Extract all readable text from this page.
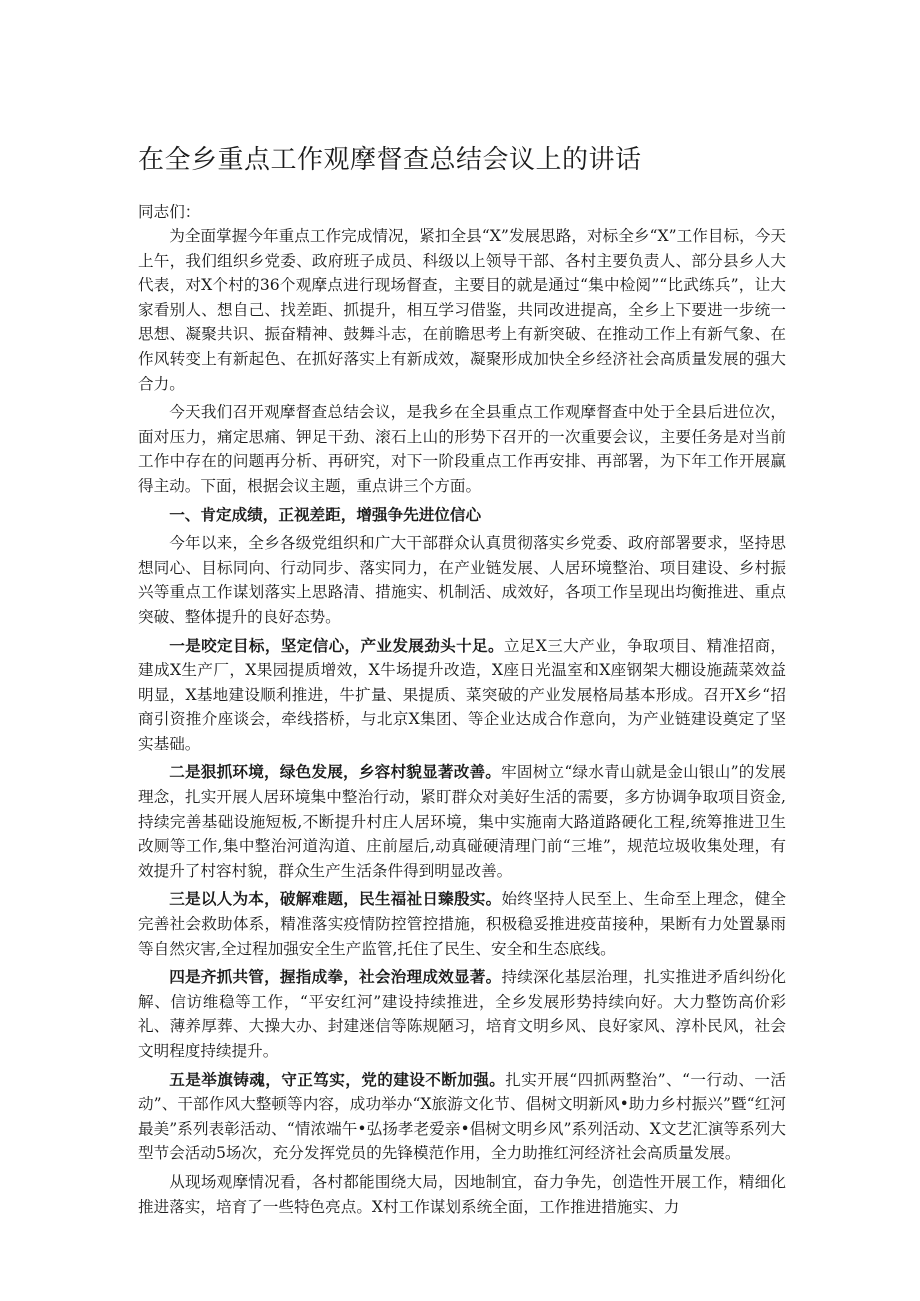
在全乡重点工作观摩督查总结会议上的讲话

同志们：

为全面掌握今年重点工作完成情况，紧扣全县“X”发展思路，对标全乡“X”工作目标，今天上午，我们组织乡党委、政府班子成员、科级以上领导干部、各村主要负责人、部分县乡人大代表，对X个村的36个观摩点进行现场督查，主要目的就是通过“集中检阅”“比武练兵”，让大家看别人、想自己、找差距、抓提升，相互学习借鉴，共同改进提高，全乡上下要进一步统一思想、凝聚共识、振奋精神、鼓舞斗志，在前瞻思考上有新突破、在推动工作上有新气象、在作风转变上有新起色、在抓好落实上有新成效，凝聚形成加快全乡经济社会高质量发展的强大合力。

今天我们召开观摩督查总结会议，是我乡在全县重点工作观摩督查中处于全县后进位次，面对压力，痛定思痛、钾足干劲、滚石上山的形势下召开的一次重要会议，主要任务是对当前工作中存在的问题再分析、再研究，对下一阶段重点工作再安排、再部署，为下年工作开展赢得主动。下面，根据会议主题，重点讲三个方面。

一、肯定成绩，正视差距，增强争先进位信心

今年以来，全乡各级党组织和广大干部群众认真贯彻落实乡党委、政府部署要求，坚持思想同心、目标同向、行动同步、落实同力，在产业链发展、人居环境整治、项目建设、乡村振兴等重点工作谋划落实上思路清、措施实、机制活、成效好，各项工作呈现出均衡推进、重点突破、整体提升的良好态势。

一是咬定目标，坚定信心，产业发展劲头十足。立足X三大产业，争取项目、精准招商，建成X生产厂，X果园提质增效，X牛场提升改造，X座日光温室和X座钢架大棚设施蔬菜效益明显，X基地建设顺利推进，牛扩量、果提质、菜突破的产业发展格局基本形成。召开X乡“招商引资推介座谈会，牵线搭桥，与北京X集团、等企业达成合作意向，为产业链建设奠定了坚实基础。

二是狠抓环境，绿色发展，乡容村貌显著改善。牢固树立“绿水青山就是金山银山”的发展理念，扎实开展人居环境集中整治行动，紧盯群众对美好生活的需要，多方协调争取项目资金,持续完善基础设施短板,不断提升村庄人居环境，集中实施南大路道路硬化工程,统筹推进卫生改厕等工作,集中整治河道沟道、庄前屋后,动真碰硬清理门前“三堆”，规范垃圾收集处理，有效提升了村容村貌，群众生产生活条件得到明显改善。

三是以人为本，破解难题，民生福祉日臻殷实。始终坚持人民至上、生命至上理念，健全完善社会救助体系，精准落实疫情防控管控措施，积极稳妥推进疫苗接种，果断有力处置暴雨等自然灾害,全过程加强安全生产监管,托住了民生、安全和生态底线。

四是齐抓共管，握指成拳，社会治理成效显著。持续深化基层治理，扎实推进矛盾纠纷化解、信访维稳等工作，“平安红河”建设持续推进，全乡发展形势持续向好。大力整饬高价彩礼、薄养厚葬、大操大办、封建迷信等陈规陋习，培育文明乡风、良好家风、淳朴民风，社会文明程度持续提升。

五是举旗铸魂，守正笃实，党的建设不断加强。扎实开展“四抓两整治”、“一行动、一活动”、干部作风大整顿等内容，成功举办“X旅游文化节、倡树文明新风•助力乡村振兴”暨“红河最美”系列表彰活动、“情浓端午•弘扬孝老爱亲•倡树文明乡风”系列活动、X文艺汇演等系列大型节会活动5场次，充分发挥党员的先锋模范作用，全力助推红河经济社会高质量发展。

从现场观摩情况看，各村都能围绕大局，因地制宜，奋力争先，创造性开展工作，精细化推进落实，培育了一些特色亮点。X村工作谋划系统全面，工作推进措施实、力
